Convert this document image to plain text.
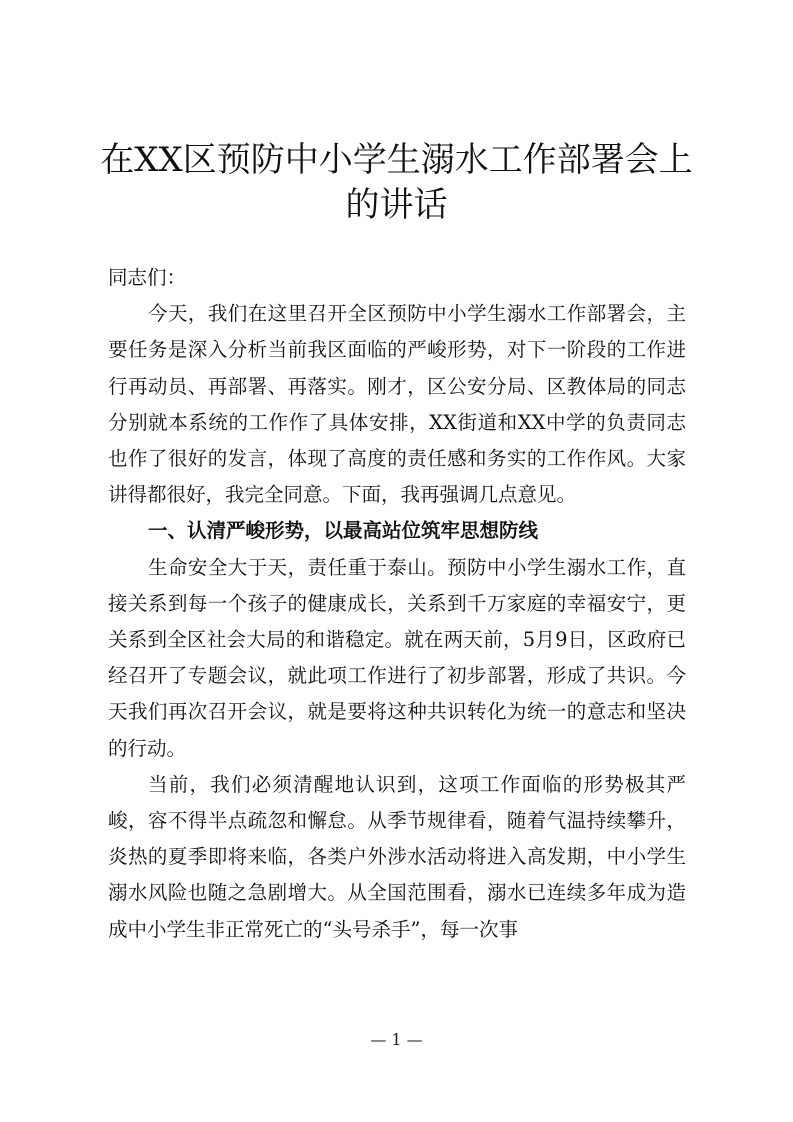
在XX区预防中小学生溺水工作部署会上的讲话

同志们：

今天，我们在这里召开全区预防中小学生溺水工作部署会，主要任务是深入分析当前我区面临的严峻形势，对下一阶段的工作进行再动员、再部署、再落实。刚才，区公安分局、区教体局的同志分别就本系统的工作作了具体安排，XX街道和XX中学的负责同志也作了很好的发言，体现了高度的责任感和务实的工作作风。大家讲得都很好，我完全同意。下面，我再强调几点意见。

一、认清严峻形势，以最高站位筑牢思想防线

生命安全大于天，责任重于泰山。预防中小学生溺水工作，直接关系到每一个孩子的健康成长，关系到千万家庭的幸福安宁，更关系到全区社会大局的和谐稳定。就在两天前，5月9日，区政府已经召开了专题会议，就此项工作进行了初步部署，形成了共识。今天我们再次召开会议，就是要将这种共识转化为统一的意志和坚决的行动。

当前，我们必须清醒地认识到，这项工作面临的形势极其严峻，容不得半点疏忽和懈怠。从季节规律看，随着气温持续攀升，炎热的夏季即将来临，各类户外涉水活动将进入高发期，中小学生溺水风险也随之急剧增大。从全国范围看，溺水已连续多年成为造成中小学生非正常死亡的“头号杀手”，每一次事

— 1 —
